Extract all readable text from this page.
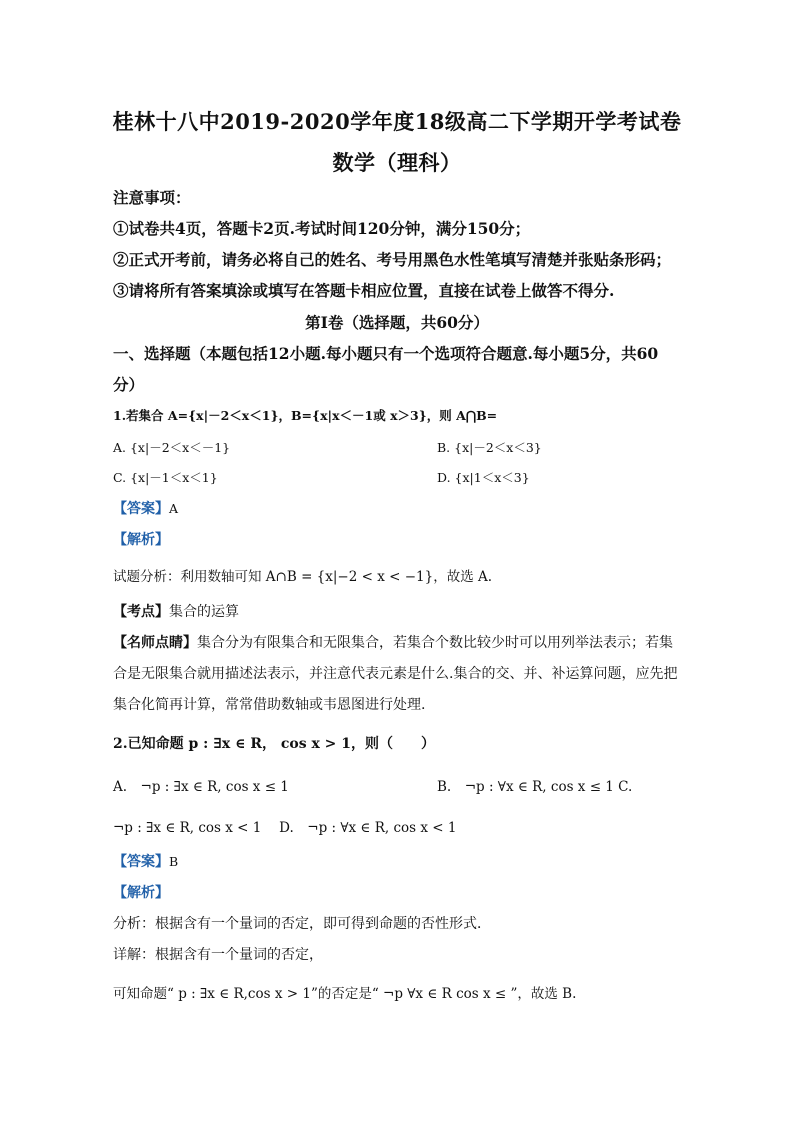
桂林十八中2019-2020学年度18级高二下学期开学考试卷
数学（理科）
注意事项：
①试卷共4页，答题卡2页.考试时间120分钟，满分150分；
②正式开考前，请务必将自己的姓名、考号用黑色水性笔填写清楚并张贴条形码；
③请将所有答案填涂或填写在答题卡相应位置，直接在试卷上做答不得分.
第Ⅰ卷（选择题，共60分）
一、选择题（本题包括12小题.每小题只有一个选项符合题意.每小题5分，共60
分）
1.若集合 A={x|－2＜x＜1}，B={x|x＜－1或 x＞3}，则 A⋂B=
A. {x|－2＜x＜－1}	B. {x|－2＜x＜3}
C. {x|－1＜x＜1}	D. {x|1＜x＜3}
【答案】A
【解析】
试题分析：利用数轴可知 A∩B = {x|−2 < x < −1}，故选 A.
【考点】集合的运算
【名师点睛】集合分为有限集合和无限集合，若集合个数比较少时可以用列举法表示；若集
合是无限集合就用描述法表示，并注意代表元素是什么.集合的交、并、补运算问题，应先把
集合化简再计算，常常借助数轴或韦恩图进行处理.
2.已知命题 p : ∃x ∈ R， cos x > 1，则（　　）
A.　¬p : ∃x ∈ R, cos x ≤ 1	B.　¬p : ∀x ∈ R, cos x ≤ 1 C.
¬p : ∃x ∈ R, cos x < 1　 D.　¬p : ∀x ∈ R, cos x < 1
【答案】B
【解析】
分析：根据含有一个量词的否定，即可得到命题的否性形式．
详解：根据含有一个量词的否定，
可知命题“ p : ∃x ∈ R,cos x > 1”的否定是“ ¬p ∀x ∈ R cos x ≤ ”，故选 B.
